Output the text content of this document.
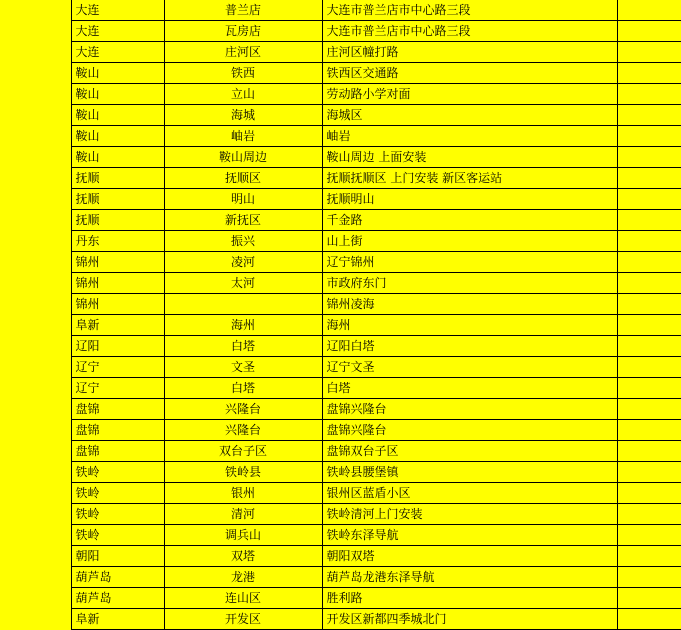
	大连	普兰店	大连市普兰店市中心路三段	
	大连	瓦房店	大连市普兰店市中心路三段	
	大连	庄河区	庄河区幢打路	
	鞍山	铁西	铁西区交通路	
	鞍山	立山	劳动路小学对面	
	鞍山	海城	海城区	
	鞍山	岫岩	岫岩	
	鞍山	鞍山周边	鞍山周边 上面安装	
	抚顺	抚顺区	抚顺抚顺区 上门安装 新区客运站	
	抚顺	明山	抚顺明山	
	抚顺	新抚区	千金路	
	丹东	振兴	山上街	
	锦州	凌河	辽宁锦州	
	锦州	太河	市政府东门	
	锦州		锦州凌海	
	阜新	海州	海州	
	辽阳	白塔	辽阳白塔	
	辽宁	文圣	辽宁文圣	
	辽宁	白塔	白塔	
	盘锦	兴隆台	盘锦兴隆台	
	盘锦	兴隆台	盘锦兴隆台	
	盘锦	双台子区	盘锦双台子区	
	铁岭	铁岭县	铁岭县腰堡镇	
	铁岭	银州	银州区蓝盾小区	
	铁岭	清河	铁岭清河上门安装	
	铁岭	调兵山	铁岭东泽导航	
	朝阳	双塔	朝阳双塔	
	葫芦岛	龙港	葫芦岛龙港东泽导航	
	葫芦岛	连山区	胜利路	
	阜新	开发区	开发区新都四季城北门	
